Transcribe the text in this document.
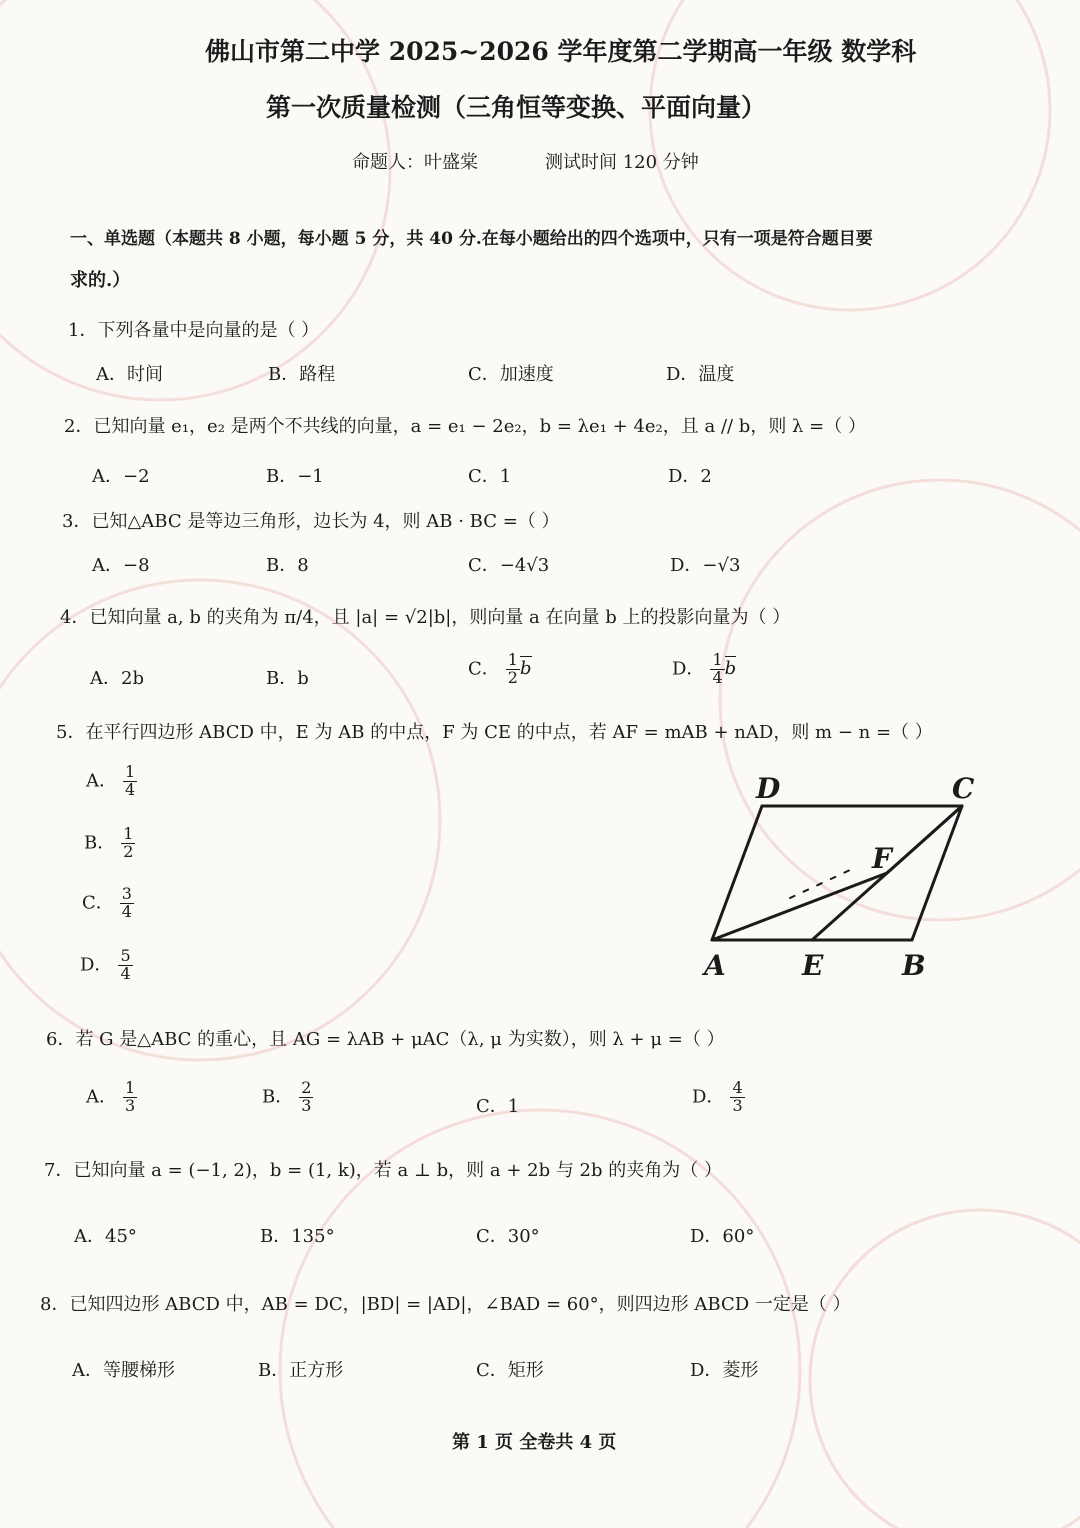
佛山市第二中学 2025~2026 学年度第二学期高一年级 数学科
第一次质量检测（三角恒等变换、平面向量）
命题人：叶盛棠	测试时间 120 分钟
一、单选题（本题共 8 小题，每小题 5 分，共 40 分.在每小题给出的四个选项中，只有一项是符合题目要
求的.）
1．下列各量中是向量的是（ ）
A．时间	B．路程	C．加速度	D．温度
2．已知向量 e₁，e₂ 是两个不共线的向量，a = e₁ − 2e₂，b = λe₁ + 4e₂，且 a // b，则 λ =（ ）
A．−2	B．−1	C．1	D．2
3．已知△ABC 是等边三角形，边长为 4，则 AB · BC =（ ）
A．−8	B．8	C．−4√3	D．−√3
4．已知向量 a, b 的夹角为 π/4，且 |a| = √2|b|，则向量 a 在向量 b 上的投影向量为（ ）
A．2b	B．b	C． $\frac{1}{2}$ b	D． $\frac{1}{4}$ b
5．在平行四边形 ABCD 中，E 为 AB 的中点，F 为 CE 的中点，若 AF = mAB + nAD，则 m − n =（ ）
A． $\frac{1}{4}$
B． $\frac{1}{2}$
C． $\frac{3}{4}$
D． $\frac{5}{4}$
D	C
F
A	E	B
6．若 G 是△ABC 的重心，且 AG = λAB + μAC（λ, μ 为实数），则 λ + μ =（ ）
A． $\frac{1}{3}$	B． $\frac{2}{3}$	C．1	D． $\frac{4}{3}$
7．已知向量 a = (−1, 2)，b = (1, k)，若 a ⊥ b，则 a + 2b 与 2b 的夹角为（ ）
A．45°	B．135°	C．30°	D．60°
8．已知四边形 ABCD 中，AB = DC，|BD| = |AD|，∠BAD = 60°，则四边形 ABCD 一定是（ ）
A．等腰梯形	B．正方形	C．矩形	D．菱形
第 1 页 全卷共 4 页
